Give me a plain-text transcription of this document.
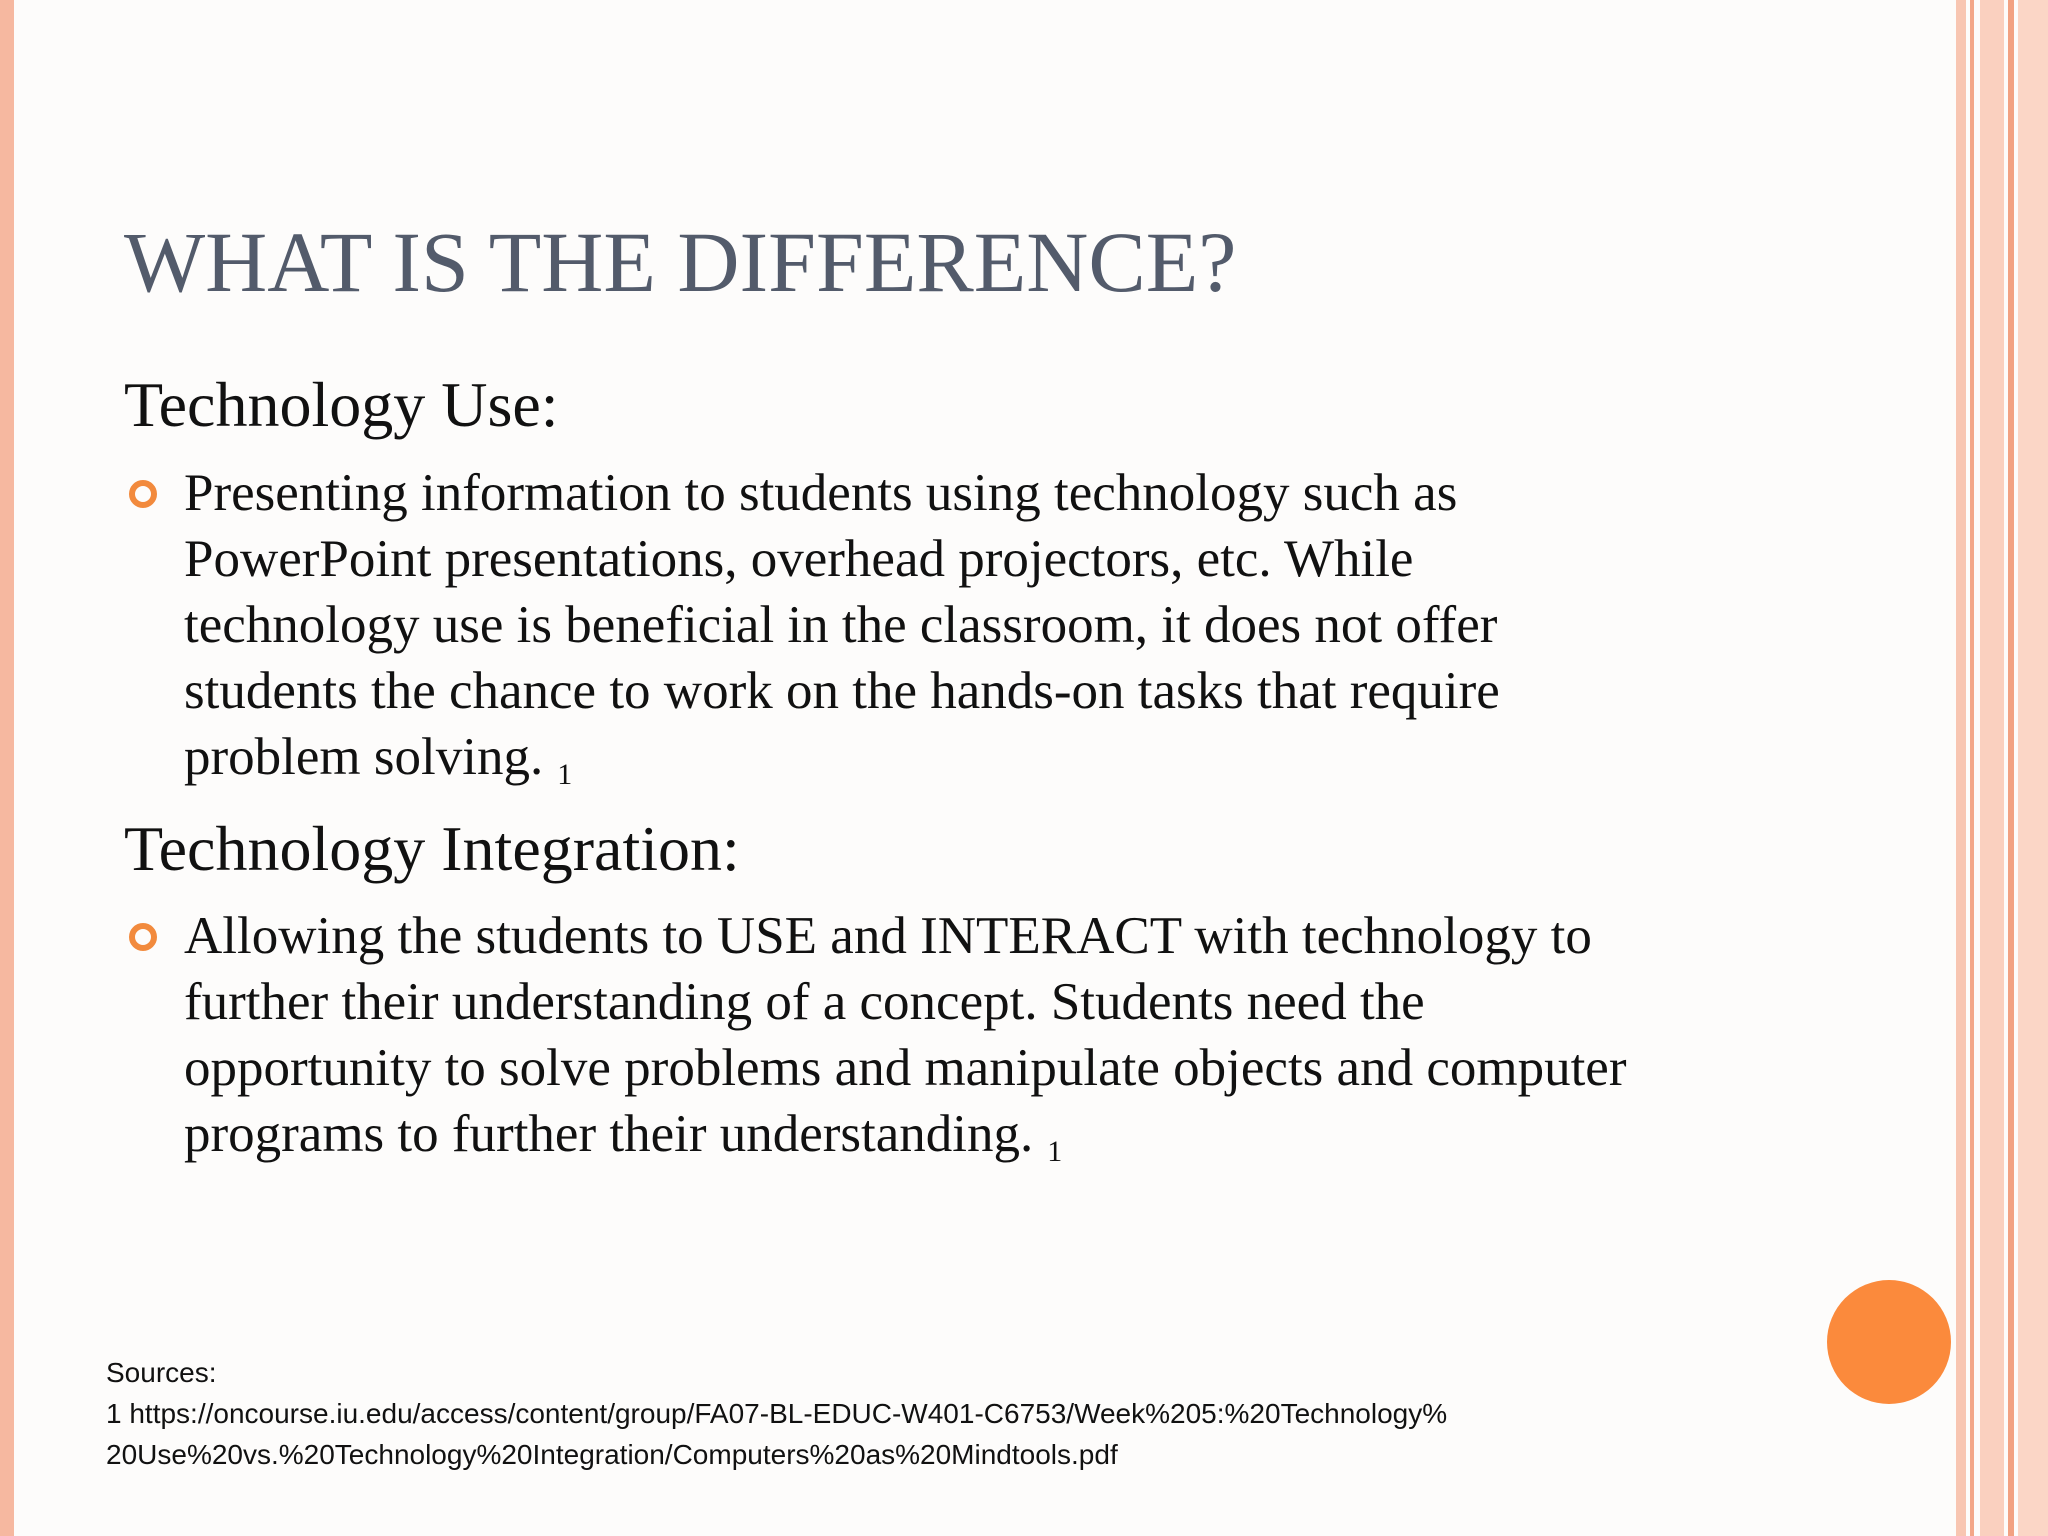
WHAT IS THE DIFFERENCE?
Technology Use:

Presenting information to students using technology such as
PowerPoint presentations, overhead projectors, etc. While
technology use is beneficial in the classroom, it does not offer
students the chance to work on the hands-on tasks that require
problem solving. 1

Technology Integration:

Allowing the students to USE and INTERACT with technology to
further their understanding of a concept. Students need the
opportunity to solve problems and manipulate objects and computer
programs to further their understanding. 1

Sources:
1 https://oncourse.iu.edu/access/content/group/FA07-BL-EDUC-W401-C6753/Week%205:%20Technology%
20Use%20vs.%20Technology%20Integration/Computers%20as%20Mindtools.pdf
